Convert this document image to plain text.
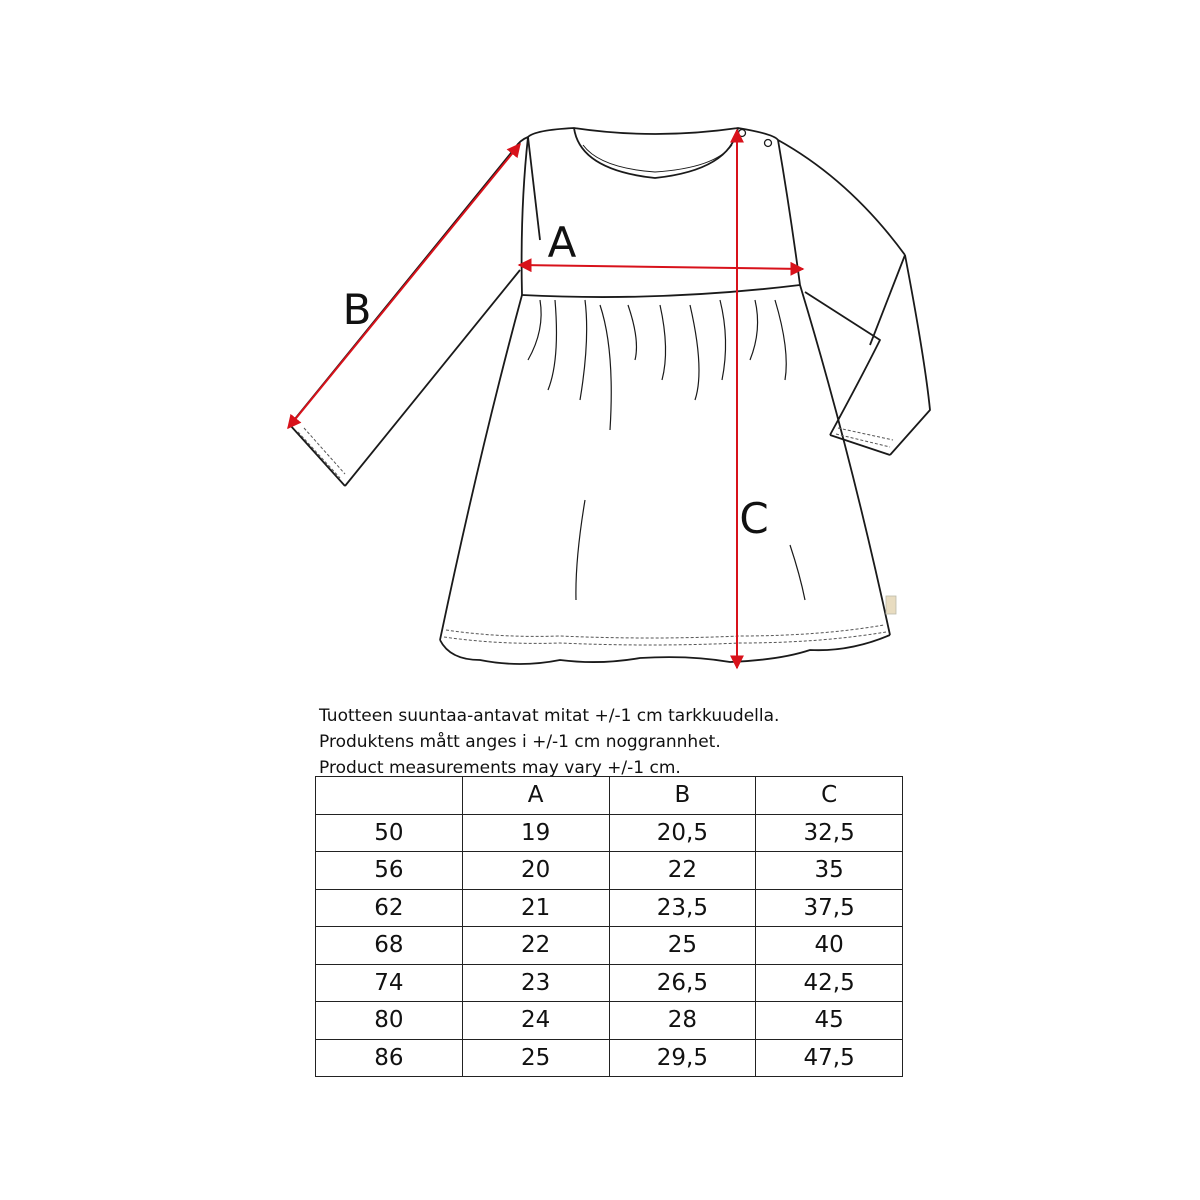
A
B
C
Tuotteen suuntaa-antavat mitat +/-1 cm tarkkuudella.
Produktens mått anges i +/-1 cm noggrannhet.
Product measurements may vary +/-1 cm.
	A	B	C
50	19	20,5	32,5
56	20	22	35
62	21	23,5	37,5
68	22	25	40
74	23	26,5	42,5
80	24	28	45
86	25	29,5	47,5
